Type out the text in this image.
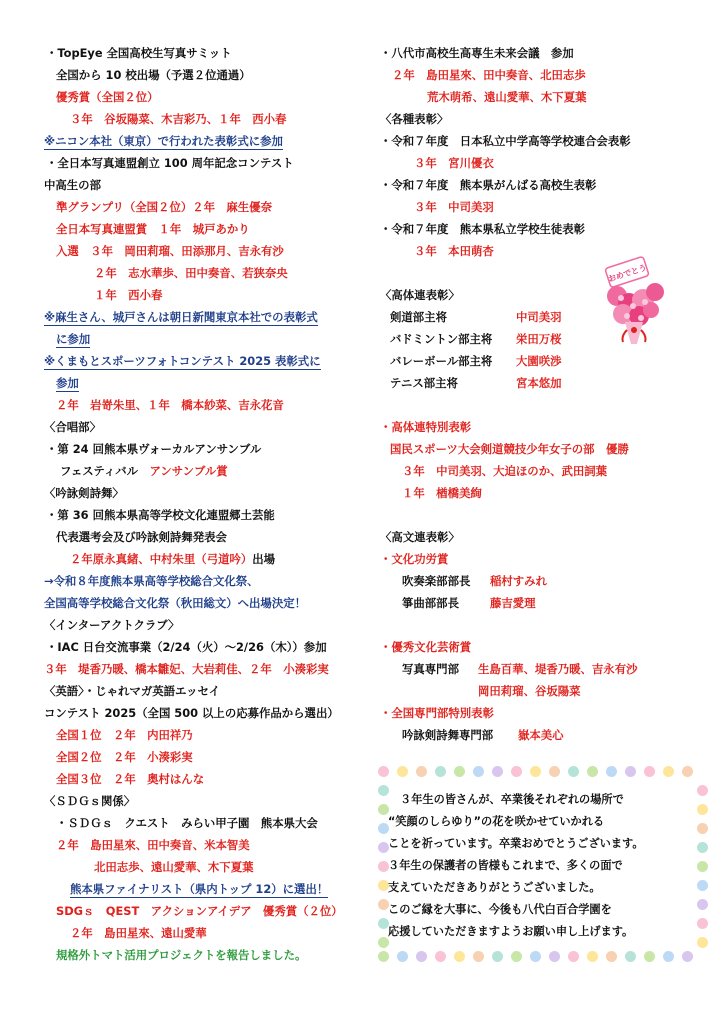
・TopEye 全国高校生写真サミット
全国から 10 校出場（予選２位通過）
優秀賞（全国２位）
３年　谷坂陽菜、木吉彩乃、１年　西小春
※ニコン本社（東京）で行われた表彰式に参加
・全日本写真連盟創立 100 周年記念コンテスト
中高生の部
準グランプリ（全国２位）２年　麻生優奈
全日本写真連盟賞　１年　城戸あかり
入選　３年　岡田莉瑠、田添那月、吉永有沙
２年　志水華歩、田中奏音、若狭奈央
１年　西小春
※麻生さん、城戸さんは朝日新聞東京本社での表彰式
に参加
※くまもとスポーツフォトコンテスト 2025 表彰式に
参加
２年　岩嵜朱里、１年　橋本紗菜、吉永花音
〈合唱部〉
・第 24 回熊本県ヴォーカルアンサンブル
フェスティバル　 アンサンブル賞
〈吟詠剣詩舞〉
・第 36 回熊本県高等学校文化連盟郷土芸能
代表選考会及び吟詠剣詩舞発表会
２年原永真緒、中村朱里（弓道吟）出場
→令和８年度熊本県高等学校総合文化祭、
全国高等学校総合文化祭（秋田総文）へ出場決定！
〈インターアクトクラブ〉
・IAC 日台交流事業（2/24（火）～2/26（木））参加
３年　堤香乃暖、橋本雛妃、大岩莉佳、２年　小湊彩実
〈英語〉・じゃれマガ英語エッセイ
コンテスト 2025（全国 500 以上の応募作品から選出）
全国１位　２年　内田祥乃
全国２位　２年　小湊彩実
全国３位　２年　奥村はんな
〈ＳＤＧｓ関係〉
・ＳＤＧｓ　クエスト　みらい甲子園　熊本県大会
２年　島田星來、田中奏音、米本智美
北田志歩、遠山愛華、木下夏葉
熊本県ファイナリスト（県内トップ 12）に選出！
SDGｓ　QEST　アクションアイデア　優秀賞（２位）
２年　島田星來、遠山愛華
規格外トマト活用プロジェクトを報告しました。
・八代市高校生高専生未来会議　参加
２年　島田星來、田中奏音、北田志歩
荒木萌希、遠山愛華、木下夏葉
〈各種表彰〉
・令和７年度　日本私立中学高等学校連合会表彰
３年　宮川優衣
・令和７年度　熊本県がんばる高校生表彰
３年　中司美羽
・令和７年度　熊本県私立学校生徒表彰
３年　本田萌杏
〈高体連表彰〉
剣道部主将	中司美羽
バドミントン部主将 栄田万桜
バレーボール部主将 大園咲渉
テニス部主将	宮本悠加
・高体連特別表彰
国民スポーツ大会剣道競技少年女子の部　優勝
３年　中司美羽、大迫ほのか、武田詞葉
１年　楢橋美絢
〈高文連表彰〉
・文化功労賞
吹奏楽部部長 稲村すみれ
箏曲部部長	藤吉愛理
・優秀文化芸術賞
写真専門部 生島百華、堤香乃暖、吉永有沙
岡田莉瑠、谷坂陽菜
・全国専門部特別表彰
吟詠剣詩舞専門部 嶽本美心
おめでとう
３年生の皆さんが、卒業後それぞれの場所で
“笑顔のしらゆり”の花を咲かせていかれる
ことを祈っています。卒業おめでとうございます。
３年生の保護者の皆様もこれまで、多くの面で
支えていただきありがとうございました。
このご縁を大事に、今後も八代白百合学園を
応援していただきますようお願い申し上げます。
